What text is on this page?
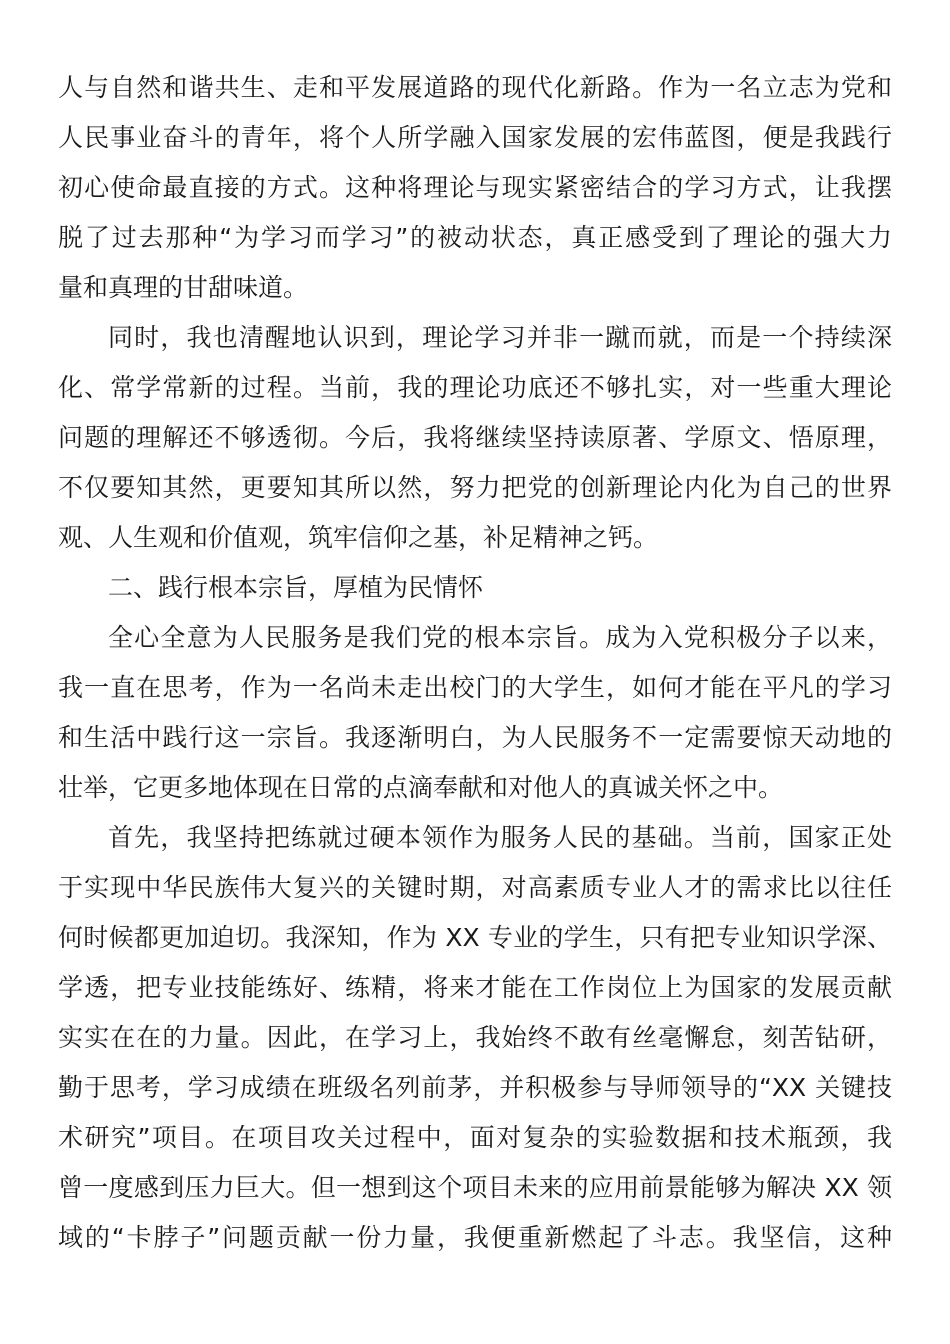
人与自然和谐共生、走和平发展道路的现代化新路。作为一名立志为党和
人民事业奋斗的青年，将个人所学融入国家发展的宏伟蓝图，便是我践行
初心使命最直接的方式。这种将理论与现实紧密结合的学习方式，让我摆
脱了过去那种“为学习而学习”的被动状态，真正感受到了理论的强大力
量和真理的甘甜味道。
同时，我也清醒地认识到，理论学习并非一蹴而就，而是一个持续深
化、常学常新的过程。当前，我的理论功底还不够扎实，对一些重大理论
问题的理解还不够透彻。今后，我将继续坚持读原著、学原文、悟原理，
不仅要知其然，更要知其所以然，努力把党的创新理论内化为自己的世界
观、人生观和价值观，筑牢信仰之基，补足精神之钙。
二、践行根本宗旨，厚植为民情怀
全心全意为人民服务是我们党的根本宗旨。成为入党积极分子以来，
我一直在思考，作为一名尚未走出校门的大学生，如何才能在平凡的学习
和生活中践行这一宗旨。我逐渐明白，为人民服务不一定需要惊天动地的
壮举，它更多地体现在日常的点滴奉献和对他人的真诚关怀之中。
首先，我坚持把练就过硬本领作为服务人民的基础。当前，国家正处
于实现中华民族伟大复兴的关键时期，对高素质专业人才的需求比以往任
何时候都更加迫切。我深知，作为 XX 专业的学生，只有把专业知识学深、
学透，把专业技能练好、练精，将来才能在工作岗位上为国家的发展贡献
实实在在的力量。因此，在学习上，我始终不敢有丝毫懈怠，刻苦钻研，
勤于思考，学习成绩在班级名列前茅，并积极参与导师领导的“XX 关键技
术研究”项目。在项目攻关过程中，面对复杂的实验数据和技术瓶颈，我
曾一度感到压力巨大。但一想到这个项目未来的应用前景能够为解决 XX 领
域的“卡脖子”问题贡献一份力量，我便重新燃起了斗志。我坚信，这种
